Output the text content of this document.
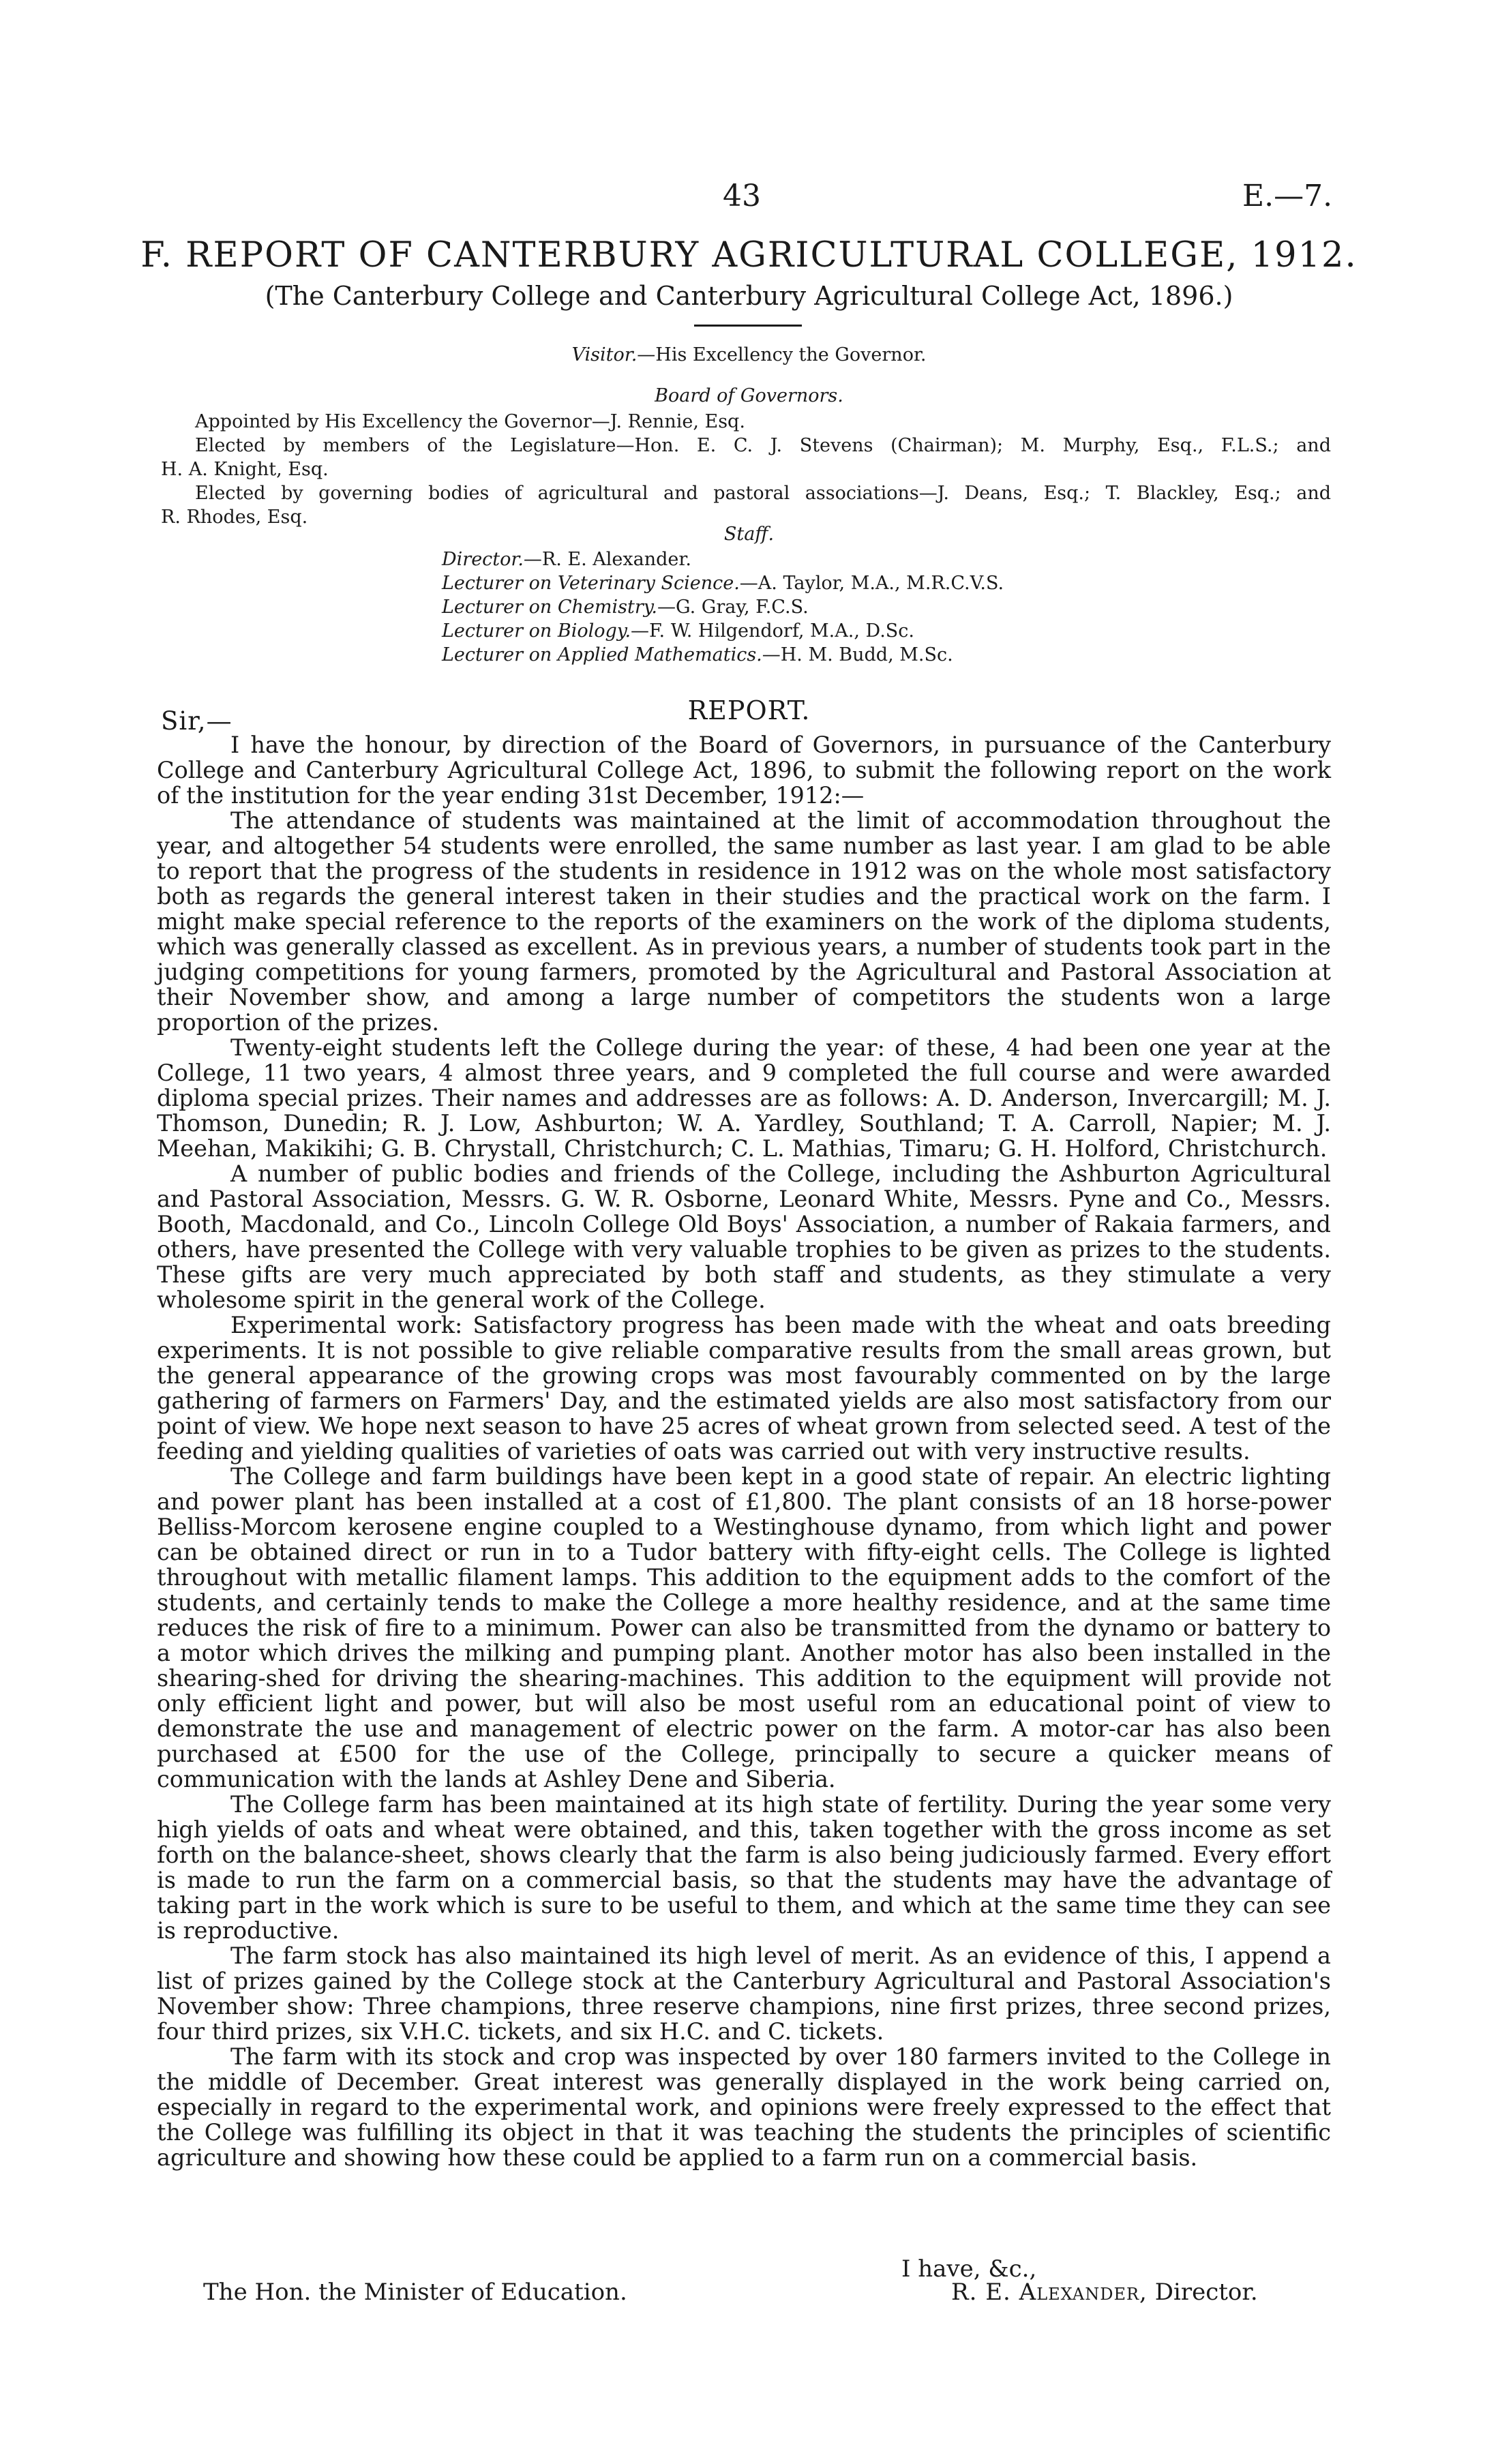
43	E.—7.
F. REPORT OF CANTERBURY AGRICULTURAL COLLEGE, 1912.
(The Canterbury College and Canterbury Agricultural College Act, 1896.)
Visitor.—His Excellency the Governor.
Board of Governors.
Appointed by His Excellency the Governor—J. Rennie, Esq.
Elected by members of the Legislature—Hon. E. C. J. Stevens (Chairman); M. Murphy, Esq., F.L.S.; and
H. A. Knight, Esq.
Elected by governing bodies of agricultural and pastoral associations—J. Deans, Esq.; T. Blackley, Esq.; and
R. Rhodes, Esq.
Staff.
Director.—R. E. Alexander.
Lecturer on Veterinary Science.—A. Taylor, M.A., M.R.C.V.S.
Lecturer on Chemistry.—G. Gray, F.C.S.
Lecturer on Biology.—F. W. Hilgendorf, M.A., D.Sc.
Lecturer on Applied Mathematics.—H. M. Budd, M.Sc.
REPORT.
Sir,—

I have the honour, by direction of the Board of Governors, in pursuance of the Canterbury College and Canterbury Agricultural College Act, 1896, to submit the following report on the work of the institution for the year ending 31st December, 1912:—

The attendance of students was maintained at the limit of accommodation throughout the year, and altogether 54 students were enrolled, the same number as last year. I am glad to be able to report that the progress of the students in residence in 1912 was on the whole most satisfactory both as regards the general interest taken in their studies and the practical work on the farm. I might make special reference to the reports of the examiners on the work of the diploma students, which was generally classed as excellent. As in previous years, a number of students took part in the judging competitions for young farmers, promoted by the Agricultural and Pastoral Association at their November show, and among a large number of competitors the students won a large proportion of the prizes.

Twenty-eight students left the College during the year: of these, 4 had been one year at the College, 11 two years, 4 almost three years, and 9 completed the full course and were awarded diploma special prizes. Their names and addresses are as follows: A. D. Anderson, Invercargill; M. J. Thomson, Dunedin; R. J. Low, Ashburton; W. A. Yardley, Southland; T. A. Carroll, Napier; M. J. Meehan, Makikihi; G. B. Chrystall, Christchurch; C. L. Mathias, Timaru; G. H. Holford, Christchurch.

A number of public bodies and friends of the College, including the Ashburton Agricultural and Pastoral Association, Messrs. G. W. R. Osborne, Leonard White, Messrs. Pyne and Co., Messrs. Booth, Macdonald, and Co., Lincoln College Old Boys' Association, a number of Rakaia farmers, and others, have presented the College with very valuable trophies to be given as prizes to the students. These gifts are very much appreciated by both staff and students, as they stimulate a very wholesome spirit in the general work of the College.

Experimental work: Satisfactory progress has been made with the wheat and oats breeding experiments. It is not possible to give reliable comparative results from the small areas grown, but the general appearance of the growing crops was most favourably commented on by the large gathering of farmers on Farmers' Day, and the estimated yields are also most satisfactory from our point of view. We hope next season to have 25 acres of wheat grown from selected seed. A test of the feeding and yielding qualities of varieties of oats was carried out with very instructive results.

The College and farm buildings have been kept in a good state of repair. An electric lighting and power plant has been installed at a cost of £1,800. The plant consists of an 18 horse-power Belliss-Morcom kerosene engine coupled to a Westinghouse dynamo, from which light and power can be obtained direct or run in to a Tudor battery with fifty-eight cells. The College is lighted throughout with metallic filament lamps. This addition to the equipment adds to the comfort of the students, and certainly tends to make the College a more healthy residence, and at the same time reduces the risk of fire to a minimum. Power can also be transmitted from the dynamo or battery to a motor which drives the milking and pumping plant. Another motor has also been installed in the shearing-shed for driving the shearing-machines. This addition to the equipment will provide not only efficient light and power, but will also be most useful rom an educational point of view to demonstrate the use and management of electric power on the farm. A motor-car has also been purchased at £500 for the use of the College, principally to secure a quicker means of communication with the lands at Ashley Dene and Siberia.

The College farm has been maintained at its high state of fertility. During the year some very high yields of oats and wheat were obtained, and this, taken together with the gross income as set forth on the balance-sheet, shows clearly that the farm is also being judiciously farmed. Every effort is made to run the farm on a commercial basis, so that the students may have the advantage of taking part in the work which is sure to be useful to them, and which at the same time they can see is reproductive.

The farm stock has also maintained its high level of merit. As an evidence of this, I append a list of prizes gained by the College stock at the Canterbury Agricultural and Pastoral Association's November show: Three champions, three reserve champions, nine first prizes, three second prizes, four third prizes, six V.H.C. tickets, and six H.C. and C. tickets.

The farm with its stock and crop was inspected by over 180 farmers invited to the College in the middle of December. Great interest was generally displayed in the work being carried on, especially in regard to the experimental work, and opinions were freely expressed to the effect that the College was fulfilling its object in that it was teaching the students the principles of scientific agriculture and showing how these could be applied to a farm run on a commercial basis.

I have, &c.,
The Hon. the Minister of Education.	R. E. Alexander, Director.
